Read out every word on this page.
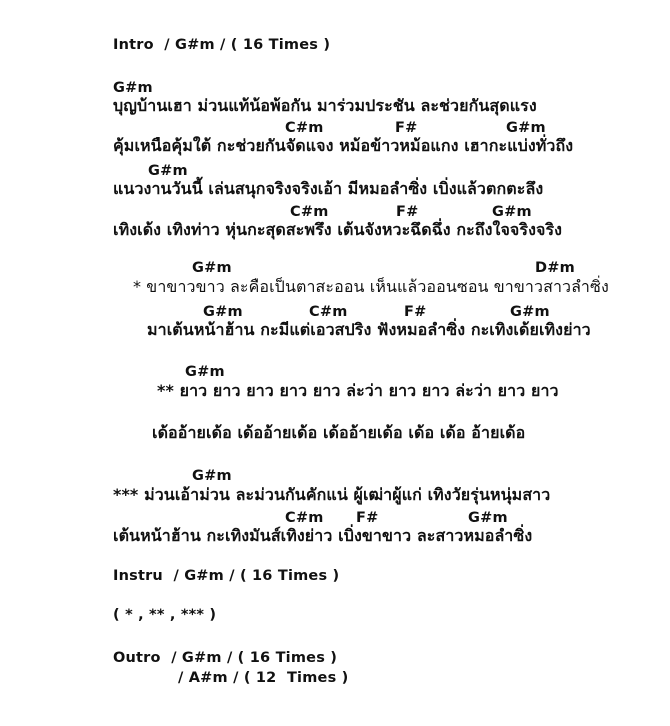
Intro  / G#m / ( 16 Times )
G#m
บุญบ้านเฮา ม่วนแท้น้อพ้อกัน มาร่วมประชัน ละช่วยกันสุดแรง
C#m	F#	G#m
คุ้มเหนือคุ้มใต้ กะช่วยกันจัดแจง หม้อข้าวหม้อแกง เฮากะแบ่งทั่วถึง
G#m
แนวงานวันนี้ เล่นสนุกจริงจริงเอ้า มีหมอลำซิ่ง เบิ่งแล้วตกตะลึง
C#m	F#	G#m
เทิงเด้ง เทิงท่าว หุ่นกะสุดสะพรึง เต้นจังหวะฉึดฉึ่ง กะถึงใจจริงจริง
G#m	D#m
* ขาขาวขาว ละคือเป็นตาสะออน เห็นแล้วออนซอน ขาขาวสาวลำซิ่ง
G#m	C#m	F#	G#m
มาเต้นหน้าฮ้าน กะมีแต่เอวสปริง ฟังหมอลำซิ่ง กะเทิงเด้ยเทิงย่าว
G#m
** ยาว ยาว ยาว ยาว ยาว ล่ะว่า ยาว ยาว ล่ะว่า ยาว ยาว
เด้ออ้ายเด้อ เด้ออ้ายเด้อ เด้ออ้ายเด้อ เด้อ เด้อ อ้ายเด้อ
G#m
*** ม่วนเอ้าม่วน ละม่วนกันคักแน่ ผู้เฒ่าผู้แก่ เทิงวัยรุ่นหนุ่มสาว
C#m F#	G#m
เต้นหน้าฮ้าน กะเทิงมันส์เทิงย่าว เบิ่งขาขาว ละสาวหมอลำซิ่ง
Instru  / G#m / ( 16 Times )
( * , ** , *** )
Outro  / G#m / ( 16 Times )
/ A#m / ( 12  Times )
